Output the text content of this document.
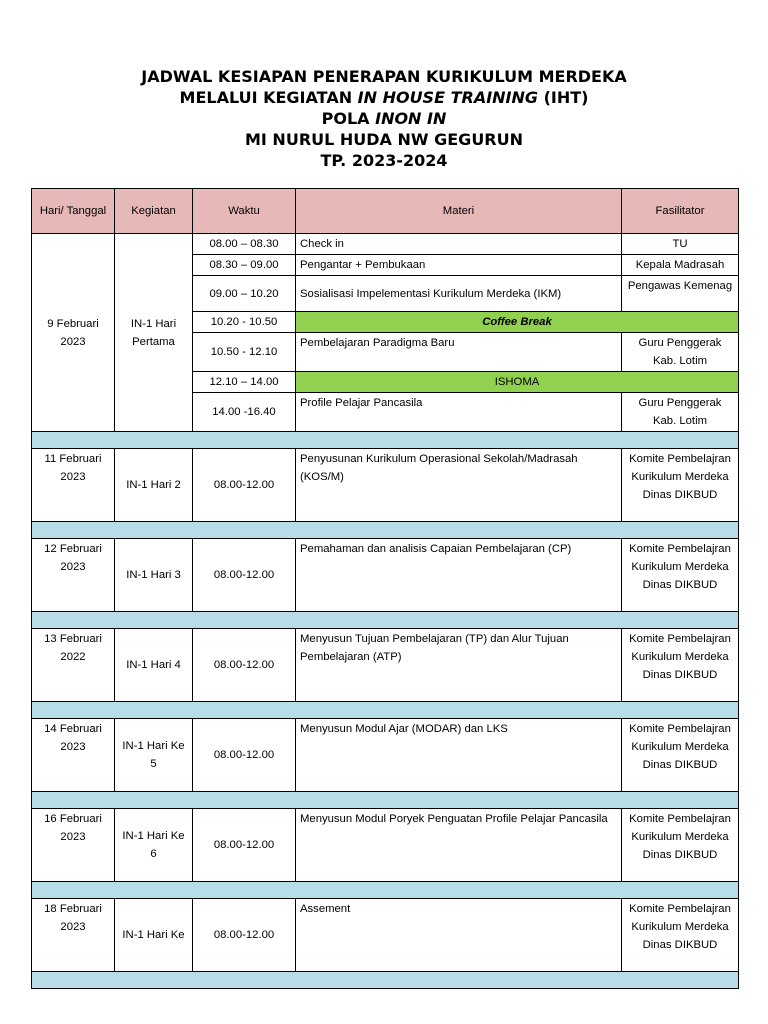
JADWAL KESIAPAN PENERAPAN KURIKULUM MERDEKA
MELALUI KEGIATAN IN HOUSE TRAINING (IHT)
POLA INON IN
MI NURUL HUDA NW GEGURUN
TP. 2023-2024
Hari/ Tanggal	Kegiatan	Waktu	Materi	Fasilitator
9 Februari 2023	IN-1 Hari Pertama	08.00 – 08.30	Check in	TU
		08.30 – 09.00	Pengantar + Pembukaan	Kepala Madrasah
		09.00 – 10.20	Sosialisasi Impelementasi Kurikulum Merdeka (IKM)	Pengawas Kemenag
		10.20 - 10.50	Coffee Break	
		10.50 - 12.10	Pembelajaran Paradigma Baru	Guru Penggerak Kab. Lotim
		12.10 – 14.00	ISHOMA	
		14.00 -16.40	Profile Pelajar Pancasila	Guru Penggerak Kab. Lotim

11 Februari 2023	IN-1 Hari 2	08.00-12.00	Penyusunan Kurikulum Operasional Sekolah/Madrasah (KOS/M)	Komite Pembelajran Kurikulum Merdeka Dinas DIKBUD

12 Februari 2023	IN-1 Hari 3	08.00-12.00	Pemahaman dan analisis Capaian Pembelajaran (CP)	Komite Pembelajran Kurikulum Merdeka Dinas DIKBUD

13 Februari 2022	IN-1 Hari 4	08.00-12.00	Menyusun Tujuan Pembelajaran (TP) dan Alur Tujuan Pembelajaran (ATP)	Komite Pembelajran Kurikulum Merdeka Dinas DIKBUD

14 Februari 2023	IN-1 Hari Ke 5	08.00-12.00	Menyusun Modul Ajar (MODAR) dan LKS	Komite Pembelajran Kurikulum Merdeka Dinas DIKBUD

16 Februari 2023	IN-1 Hari Ke 6	08.00-12.00	Menyusun Modul Poryek Penguatan Profile Pelajar Pancasila	Komite Pembelajran Kurikulum Merdeka Dinas DIKBUD

18 Februari 2023	IN-1 Hari Ke	08.00-12.00	Assement	Komite Pembelajran Kurikulum Merdeka Dinas DIKBUD
